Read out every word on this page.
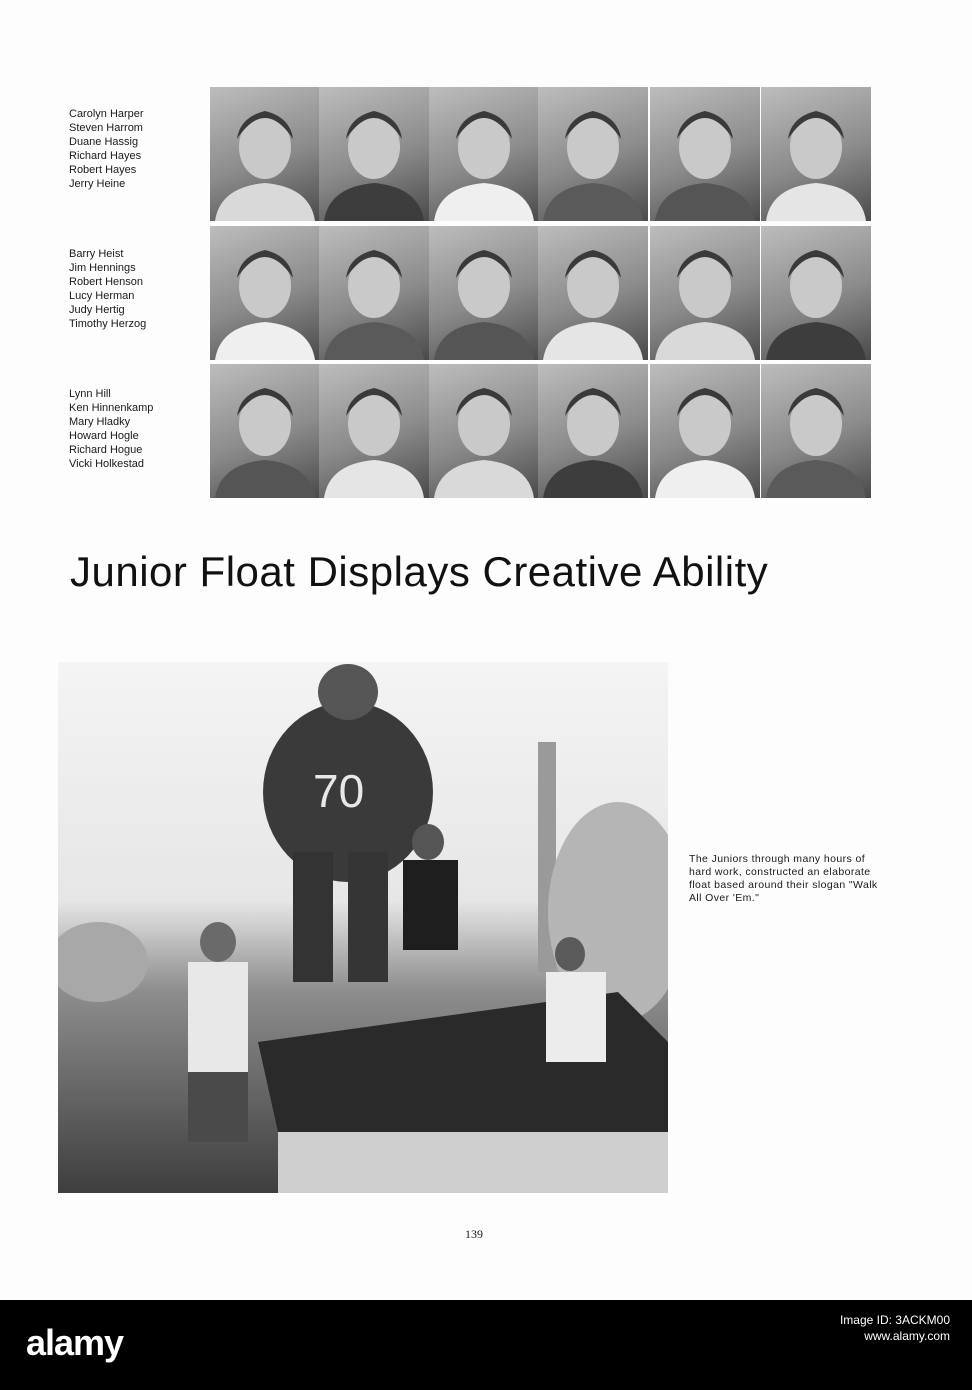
Carolyn Harper
Steven Harrom
Duane Hassig
Richard Hayes
Robert Hayes
Jerry Heine
Barry Heist
Jim Hennings
Robert Henson
Lucy Herman
Judy Hertig
Timothy Herzog
Lynn Hill
Ken Hinnenkamp
Mary Hladky
Howard Hogle
Richard Hogue
Vicki Holkestad
Junior Float Displays Creative Ability
70
The Juniors through many hours of hard work, constructed an elaborate float based around their slogan "Walk All Over 'Em."
139
alamy
Image ID: 3ACKM00
www.alamy.com
